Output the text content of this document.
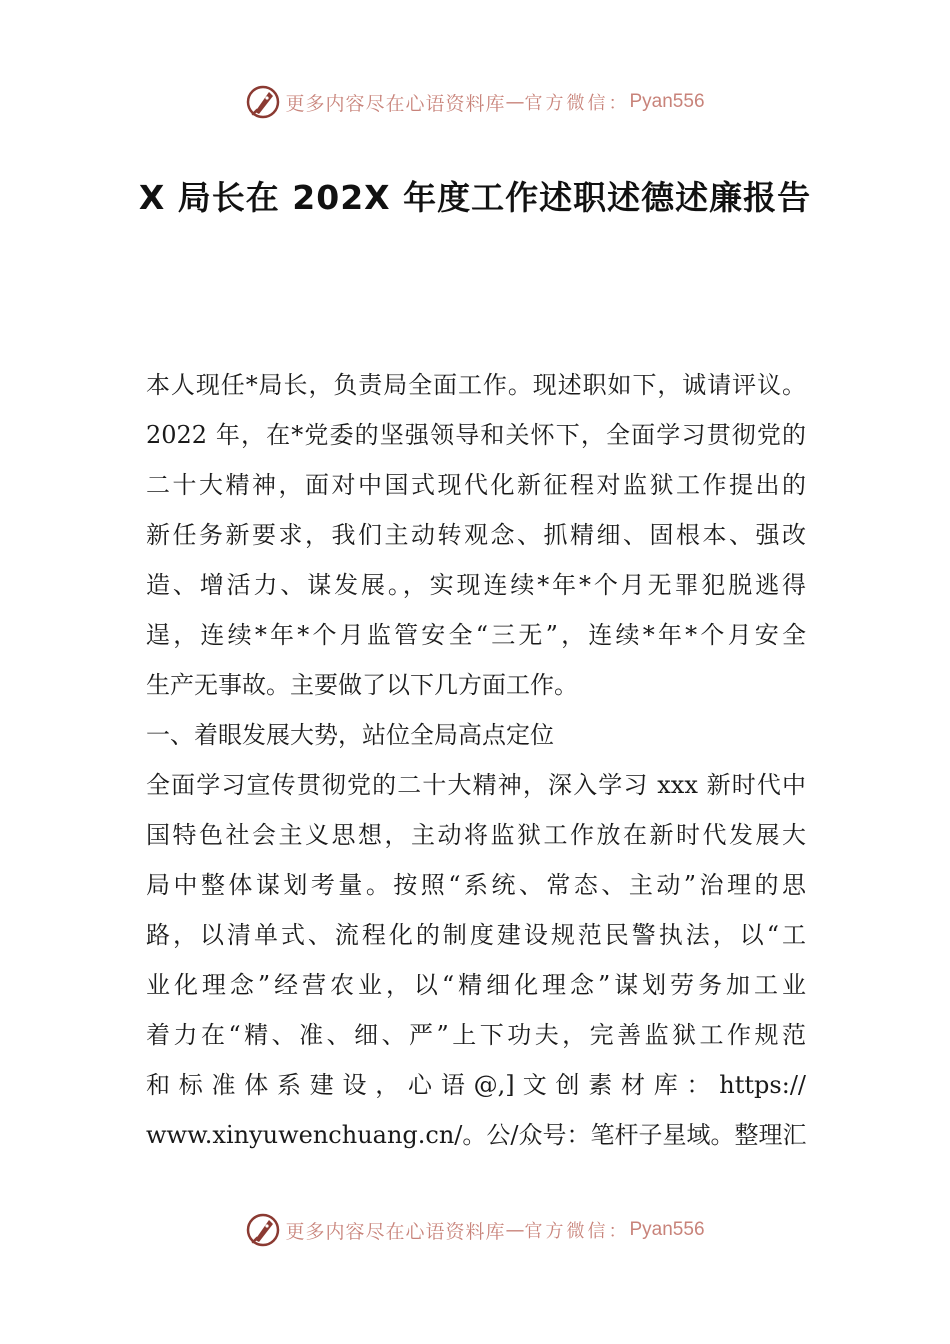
更多内容尽在心语资料库 — 官方微信： Pyan556
X 局长在 202X 年度工作述职述德述廉报告
本人现任*局长，负责局全面工作。现述职如下，诚请评议。
2022 年，在*党委的坚强领导和关怀下，全面学习贯彻党的
二十大精神，面对中国式现代化新征程对监狱工作提出的
新任务新要求，我们主动转观念、抓精细、固根本、强改
造、增活力、谋发展。，实现连续*年*个月无罪犯脱逃得
逞，连续*年*个月监管安全“三无”，连续*年*个月安全
生产无事故。主要做了以下几方面工作。
一、着眼发展大势，站位全局高点定位
全面学习宣传贯彻党的二十大精神，深入学习 xxx 新时代中
国特色社会主义思想，主动将监狱工作放在新时代发展大
局中整体谋划考量。按照“系统、常态、主动”治理的思
路，以清单式、流程化的制度建设规范民警执法，以“工
业化理念”经营农业，以“精细化理念”谋划劳务加工业
着力在“精、准、细、严”上下功夫，完善监狱工作规范
和 标 准 体 系 建 设 ， 心 语 @,] 文 创 素 材 库 ： https://
www.xinyuwenchuang.cn/。公/众号：笔杆子星域。整理汇
更多内容尽在心语资料库 — 官方微信： Pyan556
